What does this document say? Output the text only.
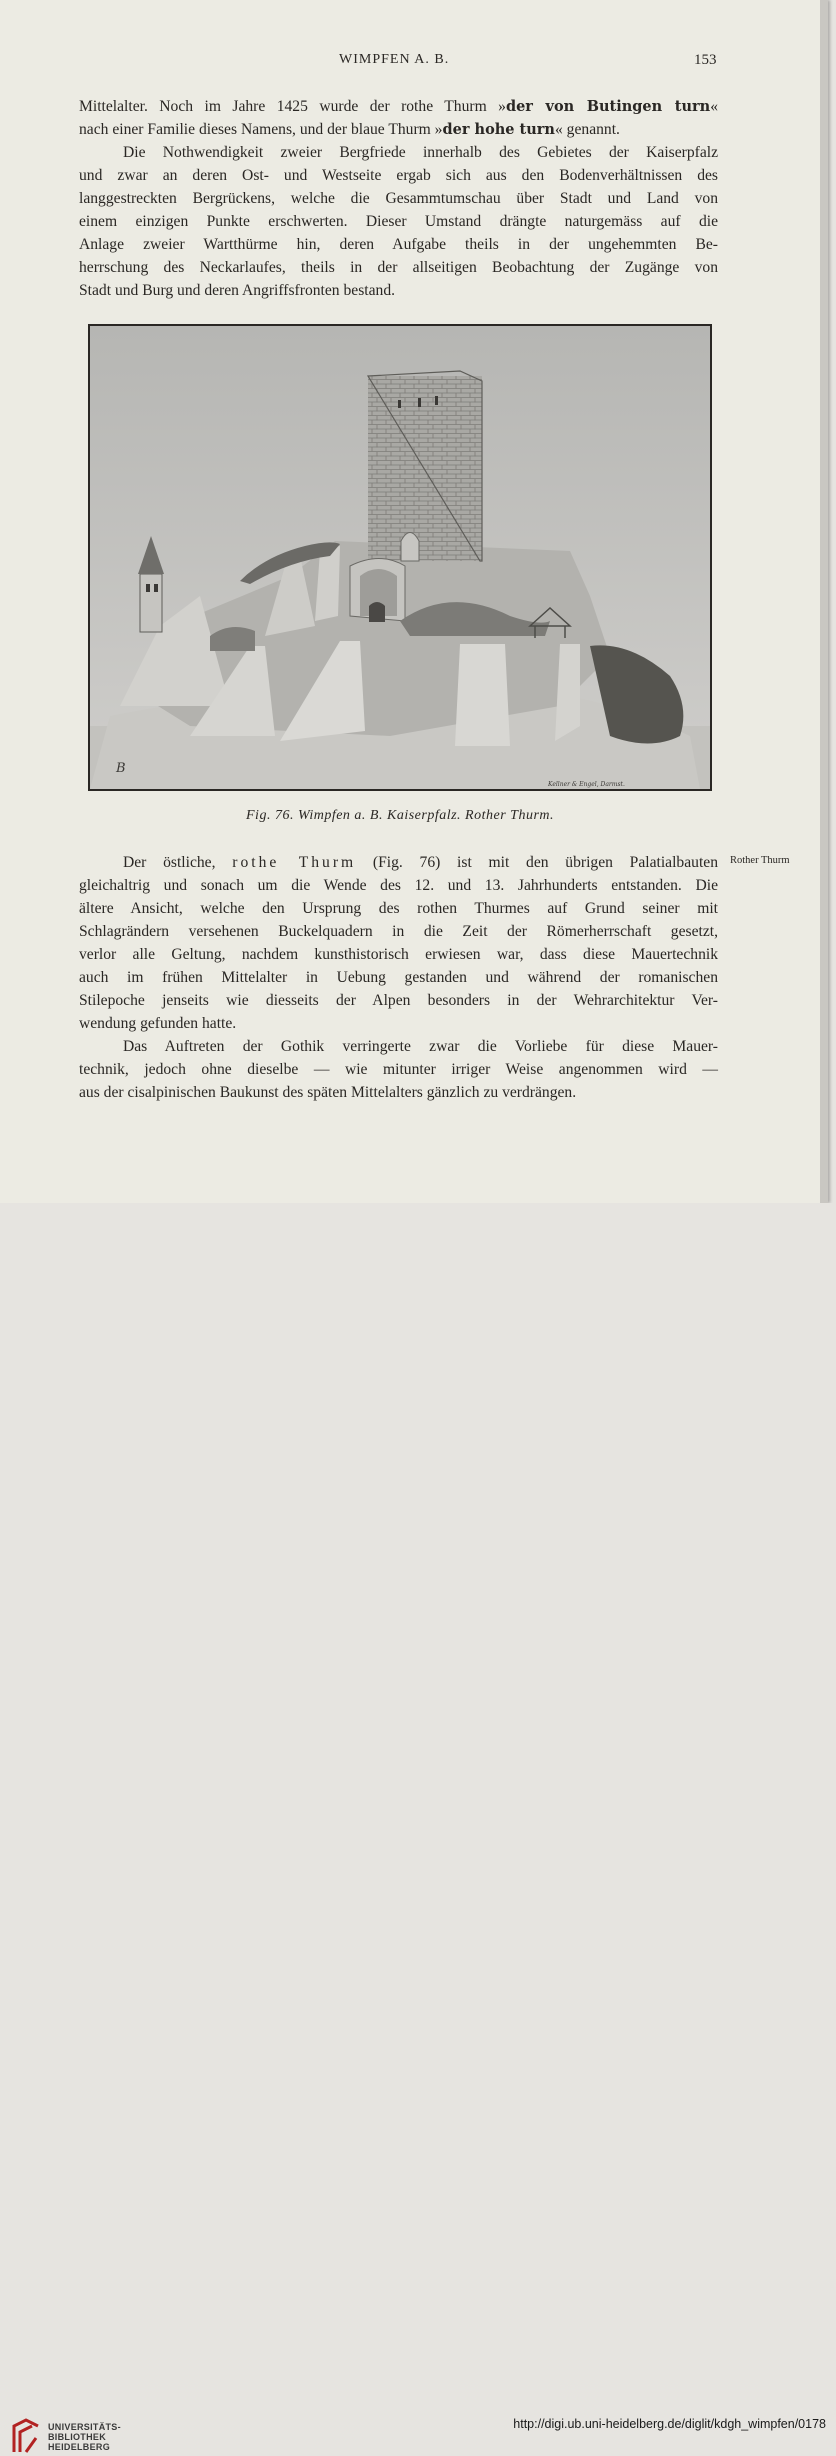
WIMPFEN A. B.	153
Mittelalter. Noch im Jahre 1425 wurde der rothe Thurm »der von Butingen turn«
nach einer Familie dieses Namens, und der blaue Thurm »der hohe turn« genannt.
Die Nothwendigkeit zweier Bergfriede innerhalb des Gebietes der Kaiserpfalz
und zwar an deren Ost- und Westseite ergab sich aus den Bodenverhältnissen des
langgestreckten Bergrückens, welche die Gesammtumschau über Stadt und Land von
einem einzigen Punkte erschwerten. Dieser Umstand drängte naturgemäss auf die
Anlage zweier Wartthürme hin, deren Aufgabe theils in der ungehemmten Be-
herrschung des Neckarlaufes, theils in der allseitigen Beobachtung der Zugänge von
Stadt und Burg und deren Angriffsfronten bestand.
B
Kellner & Engel, Darmst.
Fig. 76. Wimpfen a. B. Kaiserpfalz. Rother Thurm.
Rother Thurm
Der östliche, rothe Thurm (Fig. 76) ist mit den übrigen Palatialbauten
gleichaltrig und sonach um die Wende des 12. und 13. Jahrhunderts entstanden. Die
ältere Ansicht, welche den Ursprung des rothen Thurmes auf Grund seiner mit
Schlagrändern versehenen Buckelquadern in die Zeit der Römerherrschaft gesetzt,
verlor alle Geltung, nachdem kunsthistorisch erwiesen war, dass diese Mauertechnik
auch im frühen Mittelalter in Uebung gestanden und während der romanischen
Stilepoche jenseits wie diesseits der Alpen besonders in der Wehrarchitektur Ver-
wendung gefunden hatte.
Das Auftreten der Gothik verringerte zwar die Vorliebe für diese Mauer-
technik, jedoch ohne dieselbe — wie mitunter irriger Weise angenommen wird —
aus der cisalpinischen Baukunst des späten Mittelalters gänzlich zu verdrängen.
UNIVERSITÄTS-
BIBLIOTHEK
HEIDELBERG
http://digi.ub.uni-heidelberg.de/diglit/kdgh_wimpfen/0178
